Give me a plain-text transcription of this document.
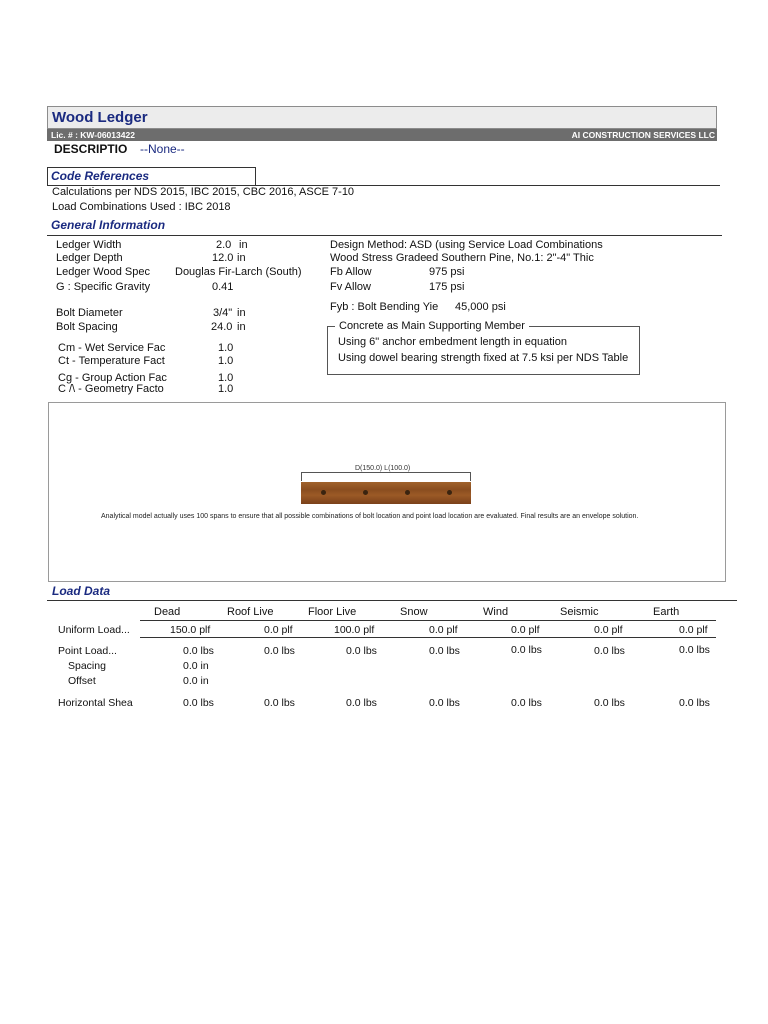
Wood Ledger
Lic. # : KW-06013422	AI CONSTRUCTION SERVICES LLC
DESCRIPTIO --None--
Code References
Calculations per NDS 2015, IBC 2015, CBC 2016, ASCE 7-10
Load Combinations Used : IBC 2018
General Information
Ledger Width	2.0 in
Ledger Depth	12.0 in
Ledger Wood Spec	Douglas Fir-Larch (South)
G : Specific Gravity	0.41
Bolt Diameter	3/4" in
Bolt Spacing	24.0 in
Cm - Wet Service Fac	1.0
Ct - Temperature Fact	1.0
Cg - Group Action Fac	1.0
C /\ - Geometry Facto	1.0
Design Method: ASD (using Service Load Combinations
Wood Stress Grade ed Southern Pine, No.1: 2"-4" Thic
Fb Allow	975 psi
Fv Allow	175 psi
Fyb : Bolt Bending Yie	45,000 psi
Concrete as Main Supporting Member
Using 6" anchor embedment length in equation
Using dowel bearing strength fixed at 7.5 ksi per NDS Table
D(150.0) L(100.0)
Analytical model actually uses 100 spans to ensure that all possible combinations of bolt location and point load location are evaluated. Final results are an envelope solution.
Load Data
Dead	Roof Live	Floor Live	Snow	Wind	Seismic	Earth
Uniform Load...	150.0 plf	0.0 plf	100.0 plf	0.0 plf	0.0 plf	0.0 plf	0.0 plf
Point Load...	0.0 lbs	0.0 lbs	0.0 lbs	0.0 lbs	0.0 lbs	0.0 lbs	0.0 lbs
Spacing	0.0 in
Offset	0.0 in
Horizontal Shea	0.0 lbs	0.0 lbs	0.0 lbs	0.0 lbs	0.0 lbs	0.0 lbs	0.0 lbs
